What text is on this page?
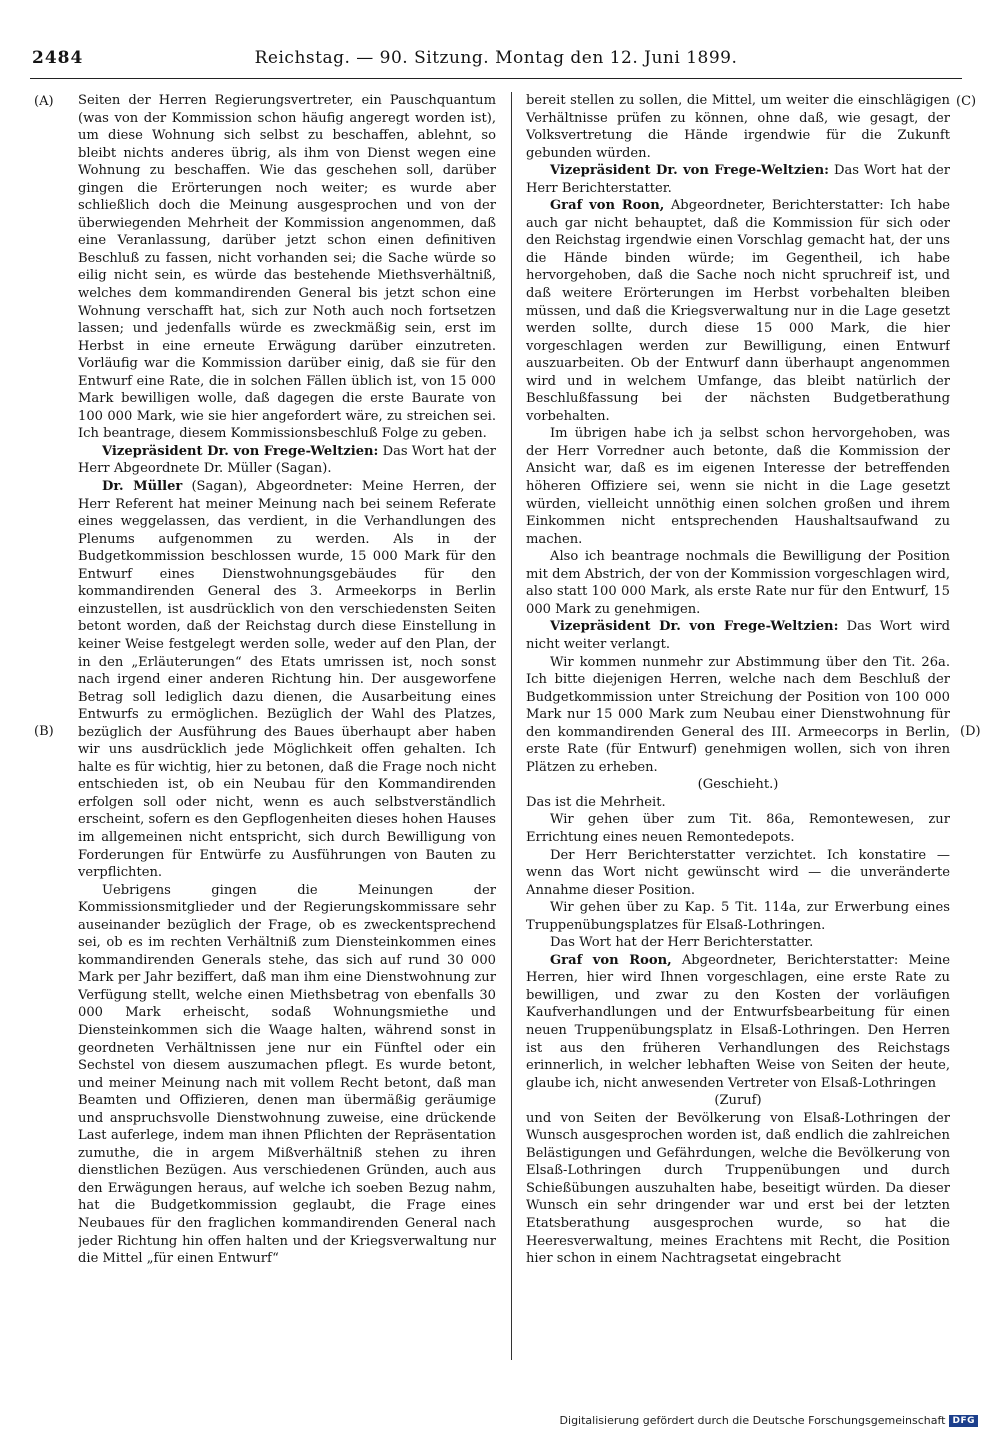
2484	Reichstag. — 90. Sitzung. Montag den 12. Juni 1899.
(A)
(B)
(C)
(D)

Seiten der Herren Regierungsvertreter, ein Pauschquantum (was von der Kommission schon häufig angeregt worden ist), um diese Wohnung sich selbst zu beschaffen, ablehnt, so bleibt nichts anderes übrig, als ihm von Dienst wegen eine Wohnung zu beschaffen. Wie das geschehen soll, darüber gingen die Erörterungen noch weiter; es wurde aber schließlich doch die Meinung ausgesprochen und von der überwiegenden Mehrheit der Kommission angenommen, daß eine Veranlassung, darüber jetzt schon einen definitiven Beschluß zu fassen, nicht vorhanden sei; die Sache würde so eilig nicht sein, es würde das bestehende Miethsverhältniß, welches dem kommandirenden General bis jetzt schon eine Wohnung verschafft hat, sich zur Noth auch noch fortsetzen lassen; und jedenfalls würde es zweckmäßig sein, erst im Herbst in eine erneute Erwägung darüber einzutreten. Vorläufig war die Kommission darüber einig, daß sie für den Entwurf eine Rate, die in solchen Fällen üblich ist, von 15 000 Mark bewilligen wolle, daß dagegen die erste Baurate von 100 000 Mark, wie sie hier angefordert wäre, zu streichen sei. Ich beantrage, diesem Kommissionsbeschluß Folge zu geben.

Vizepräsident Dr. von Frege-Weltzien: Das Wort hat der Herr Abgeordnete Dr. Müller (Sagan).

Dr. Müller (Sagan), Abgeordneter: Meine Herren, der Herr Referent hat meiner Meinung nach bei seinem Referate eines weggelassen, das verdient, in die Verhandlungen des Plenums aufgenommen zu werden. Als in der Budgetkommission beschlossen wurde, 15 000 Mark für den Entwurf eines Dienstwohnungsgebäudes für den kommandirenden General des 3. Armeekorps in Berlin einzustellen, ist ausdrücklich von den verschiedensten Seiten betont worden, daß der Reichstag durch diese Einstellung in keiner Weise festgelegt werden solle, weder auf den Plan, der in den „Erläuterungen“ des Etats umrissen ist, noch sonst nach irgend einer anderen Richtung hin. Der ausgeworfene Betrag soll lediglich dazu dienen, die Ausarbeitung eines Entwurfs zu ermöglichen. Bezüglich der Wahl des Platzes, bezüglich der Ausführung des Baues überhaupt aber haben wir uns ausdrücklich jede Möglichkeit offen gehalten. Ich halte es für wichtig, hier zu betonen, daß die Frage noch nicht entschieden ist, ob ein Neubau für den Kommandirenden erfolgen soll oder nicht, wenn es auch selbstverständlich erscheint, sofern es den Gepflogenheiten dieses hohen Hauses im allgemeinen nicht entspricht, sich durch Bewilligung von Forderungen für Entwürfe zu Ausführungen von Bauten zu verpflichten.

Uebrigens gingen die Meinungen der Kommissionsmitglieder und der Regierungskommissare sehr auseinander bezüglich der Frage, ob es zweckentsprechend sei, ob es im rechten Verhältniß zum Diensteinkommen eines kommandirenden Generals stehe, das sich auf rund 30 000 Mark per Jahr beziffert, daß man ihm eine Dienstwohnung zur Verfügung stellt, welche einen Miethsbetrag von ebenfalls 30 000 Mark erheischt, sodaß Wohnungsmiethe und Diensteinkommen sich die Waage halten, während sonst in geordneten Verhältnissen jene nur ein Fünftel oder ein Sechstel von diesem auszumachen pflegt. Es wurde betont, und meiner Meinung nach mit vollem Recht betont, daß man Beamten und Offizieren, denen man übermäßig geräumige und anspruchsvolle Dienstwohnung zuweise, eine drückende Last auferlege, indem man ihnen Pflichten der Repräsentation zumuthe, die in argem Mißverhältniß stehen zu ihren dienstlichen Bezügen. Aus verschiedenen Gründen, auch aus den Erwägungen heraus, auf welche ich soeben Bezug nahm, hat die Budgetkommission geglaubt, die Frage eines Neubaues für den fraglichen kommandirenden General nach jeder Richtung hin offen halten und der Kriegsverwaltung nur die Mittel „für einen Entwurf“

bereit stellen zu sollen, die Mittel, um weiter die einschlägigen Verhältnisse prüfen zu können, ohne daß, wie gesagt, der Volksvertretung die Hände irgendwie für die Zukunft gebunden würden.

Vizepräsident Dr. von Frege-Weltzien: Das Wort hat der Herr Berichterstatter.

Graf von Roon, Abgeordneter, Berichterstatter: Ich habe auch gar nicht behauptet, daß die Kommission für sich oder den Reichstag irgendwie einen Vorschlag gemacht hat, der uns die Hände binden würde; im Gegentheil, ich habe hervorgehoben, daß die Sache noch nicht spruchreif ist, und daß weitere Erörterungen im Herbst vorbehalten bleiben müssen, und daß die Kriegsverwaltung nur in die Lage gesetzt werden sollte, durch diese 15 000 Mark, die hier vorgeschlagen werden zur Bewilligung, einen Entwurf auszuarbeiten. Ob der Entwurf dann überhaupt angenommen wird und in welchem Umfange, das bleibt natürlich der Beschlußfassung bei der nächsten Budgetberathung vorbehalten.

Im übrigen habe ich ja selbst schon hervorgehoben, was der Herr Vorredner auch betonte, daß die Kommission der Ansicht war, daß es im eigenen Interesse der betreffenden höheren Offiziere sei, wenn sie nicht in die Lage gesetzt würden, vielleicht unnöthig einen solchen großen und ihrem Einkommen nicht entsprechenden Haushaltsaufwand zu machen.

Also ich beantrage nochmals die Bewilligung der Position mit dem Abstrich, der von der Kommission vorgeschlagen wird, also statt 100 000 Mark, als erste Rate nur für den Entwurf, 15 000 Mark zu genehmigen.

Vizepräsident Dr. von Frege-Weltzien: Das Wort wird nicht weiter verlangt.

Wir kommen nunmehr zur Abstimmung über den Tit. 26a. Ich bitte diejenigen Herren, welche nach dem Beschluß der Budgetkommission unter Streichung der Position von 100 000 Mark nur 15 000 Mark zum Neubau einer Dienstwohnung für den kommandirenden General des III. Armeecorps in Berlin, erste Rate (für Entwurf) genehmigen wollen, sich von ihren Plätzen zu erheben.

(Geschieht.)

Das ist die Mehrheit.

Wir gehen über zum Tit. 86a, Remontewesen, zur Errichtung eines neuen Remontedepots.

Der Herr Berichterstatter verzichtet. Ich konstatire — wenn das Wort nicht gewünscht wird — die unveränderte Annahme dieser Position.

Wir gehen über zu Kap. 5 Tit. 114a, zur Erwerbung eines Truppenübungsplatzes für Elsaß-Lothringen.

Das Wort hat der Herr Berichterstatter.

Graf von Roon, Abgeordneter, Berichterstatter: Meine Herren, hier wird Ihnen vorgeschlagen, eine erste Rate zu bewilligen, und zwar zu den Kosten der vorläufigen Kaufverhandlungen und der Entwurfsbearbeitung für einen neuen Truppenübungsplatz in Elsaß-Lothringen. Den Herren ist aus den früheren Verhandlungen des Reichstags erinnerlich, in welcher lebhaften Weise von Seiten der heute, glaube ich, nicht anwesenden Vertreter von Elsaß-Lothringen

(Zuruf)

und von Seiten der Bevölkerung von Elsaß-Lothringen der Wunsch ausgesprochen worden ist, daß endlich die zahlreichen Belästigungen und Gefährdungen, welche die Bevölkerung von Elsaß-Lothringen durch Truppenübungen und durch Schießübungen auszuhalten habe, beseitigt würden. Da dieser Wunsch ein sehr dringender war und erst bei der letzten Etatsberathung ausgesprochen wurde, so hat die Heeresverwaltung, meines Erachtens mit Recht, die Position hier schon in einem Nachtragsetat eingebracht

Digitalisierung gefördert durch die Deutsche Forschungsgemeinschaft DFG
